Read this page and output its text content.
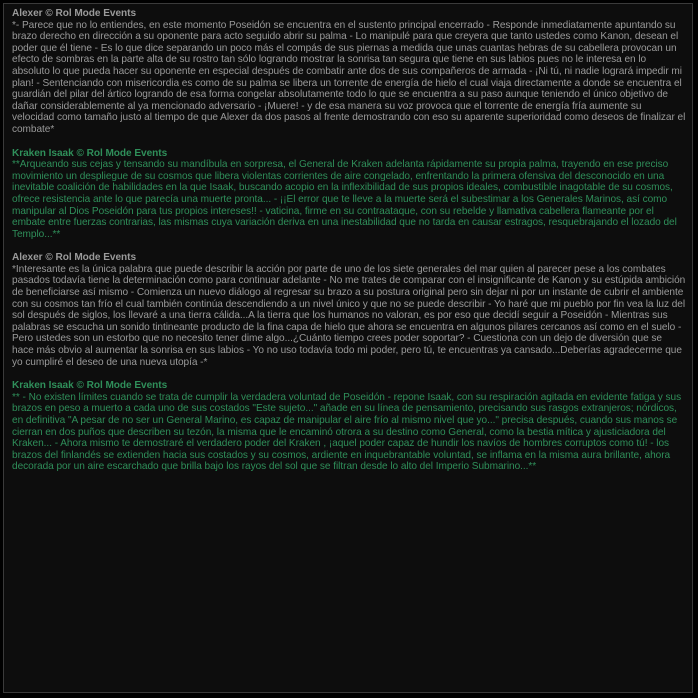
Alexer © Rol Mode Events
*- Parece que no lo entiendes, en este momento Poseidón se encuentra en el sustento principal encerrado - Responde inmediatamente apuntando su brazo derecho en dirección a su oponente para acto seguido abrir su palma - Lo manipulé para que creyera que tanto ustedes como Kanon, desean el poder que él tiene - Es lo que dice separando un poco más el compás de sus piernas a medida que unas cuantas hebras de su cabellera provocan un efecto de sombras en la parte alta de su rostro tan sólo logrando mostrar la sonrisa tan segura que tiene en sus labios pues no le interesa en lo absoluto lo que pueda hacer su oponente en especial después de combatir ante dos de sus compañeros de armada - ¡Ni tú, ni nadie logrará impedir mi plan! - Sentenciando con misericordia es como de su palma se libera un torrente de energía de hielo el cual viaja directamente a donde se encuentra el guardián del pilar del ártico logrando de esa forma congelar absolutamente todo lo que se encuentra a su paso aunque teniendo el único objetivo de dañar considerablemente al ya mencionado adversario - ¡Muere! - y de esa manera su voz provoca que el torrente de energía fría aumente su velocidad como tamaño justo al tiempo de que Alexer da dos pasos al frente demostrando con eso su aparente superioridad como deseos de finalizar el combate*
Kraken Isaak © Rol Mode Events
**Arqueando sus cejas y tensando su mandíbula en sorpresa, el General de Kraken adelanta rápidamente su propia palma, trayendo en ese preciso movimiento un despliegue de su cosmos que libera violentas corrientes de aire congelado, enfrentando la primera ofensiva del desconocido en una inevitable coalición de habilidades en la que Isaak, buscando acopio en la inflexibilidad de sus propios ideales, combustible inagotable de su cosmos, ofrece resistencia ante lo que parecía una muerte pronta... - ¡¡El error que te lleve a la muerte será el subestimar a los Generales Marinos, así como manipular al Dios Poseidón para tus propios intereses!! - vaticina, firme en su contraataque, con su rebelde y llamativa cabellera flameante por el embate entre fuerzas contrarias, las mismas cuya variación deriva en una inestabilidad que no tarda en causar estragos, resquebrajando el lozado del Templo...**
Alexer © Rol Mode Events
*Interesante es la única palabra que puede describir la acción por parte de uno de los siete generales del mar quien al parecer pese a los combates pasados todavía tiene la determinación como para continuar adelante - No me trates de comparar con el insignificante de Kanon y su estúpida ambición de beneficiarse así mismo - Comienza un nuevo diálogo al regresar su brazo a su postura original pero sin dejar ni por un instante de cubrir el ambiente con su cosmos tan frío el cual también continúa descendiendo a un nivel único y que no se puede describir - Yo haré que mi pueblo por fin vea la luz del sol después de siglos, los llevaré a una tierra cálida...A la tierra que los humanos no valoran, es por eso que decidí seguir a Poseidón - Mientras sus palabras se escucha un sonido tintineante producto de la fina capa de hielo que ahora se encuentra en algunos pilares cercanos así como en el suelo - Pero ustedes son un estorbo que no necesito tener dime algo...¿Cuánto tiempo crees poder soportar? - Cuestiona con un dejo de diversión que se hace más obvio al aumentar la sonrisa en sus labios - Yo no uso todavía todo mi poder, pero tú, te encuentras ya cansado...Deberías agradecerme que yo cumpliré el deseo de una nueva utopía -*
Kraken Isaak © Rol Mode Events
** - No existen límites cuando se trata de cumplir la verdadera voluntad de Poseidón - repone Isaak, con su respiración agitada en evidente fatiga y sus brazos en peso a muerto a cada uno de sus costados "Este sujeto..." añade en su línea de pensamiento, precisando sus rasgos extranjeros; nórdicos, en definitiva "A pesar de no ser un General Marino, es capaz de manipular el aire frío al mismo nivel que yo..." precisa después, cuando sus manos se cierran en dos puños que describen su tezón, la misma que le encaminó otrora a su destino como General, como la bestia mítica y ajusticiadora del Kraken... - Ahora mismo te demostraré el verdadero poder del Kraken , ¡aquel poder capaz de hundir los navíos de hombres corruptos como tú! - los brazos del finlandés se extienden hacia sus costados y su cosmos, ardiente en inquebrantable voluntad, se inflama en la misma aura brillante, ahora decorada por un aire escarchado que brilla bajo los rayos del sol que se filtran desde lo alto del Imperio Submarino...**
